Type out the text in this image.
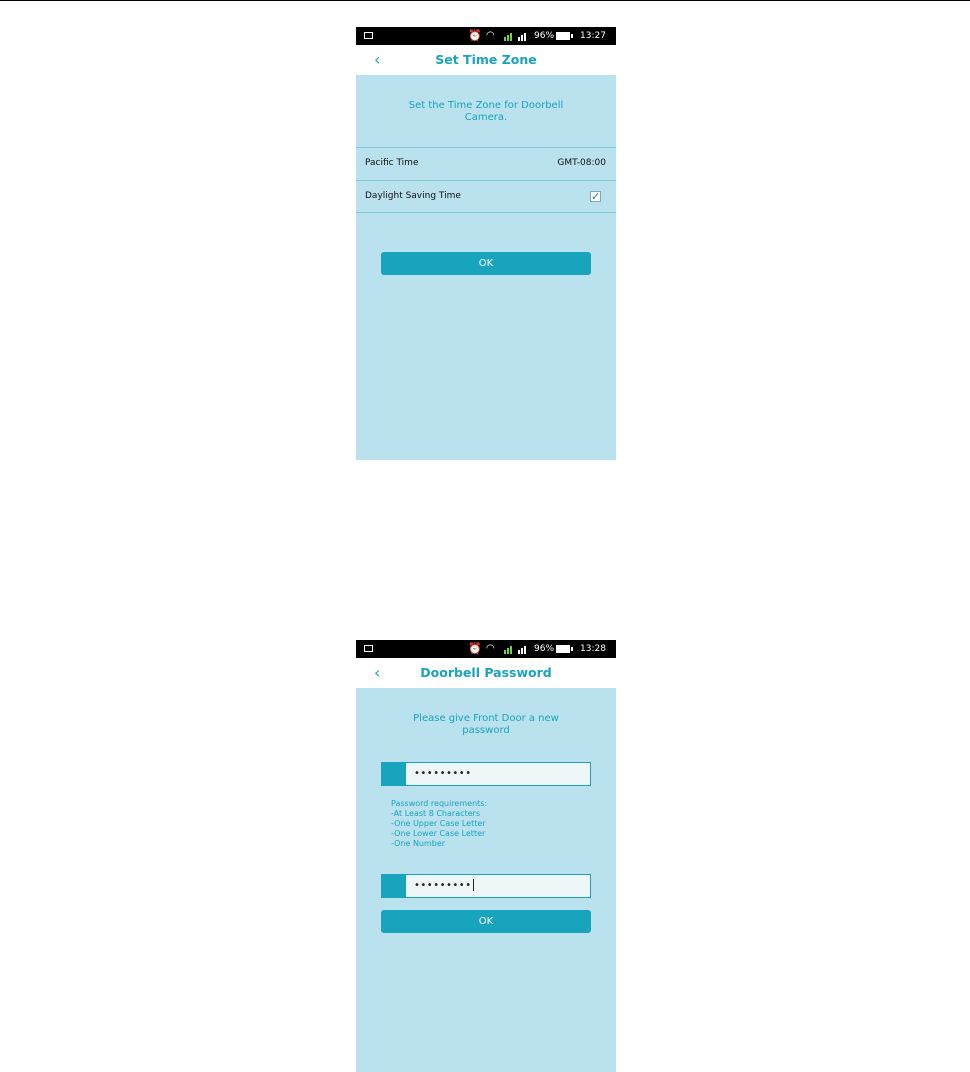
⏰ ◠	96%	13:27
‹	Set Time Zone
Set the Time Zone for Doorbell Camera.
Pacific Time	GMT-08:00
Daylight Saving Time	✓
OK
⏰ ◠	96%	13:28
‹	Doorbell Password
Please give Front Door a new password
•••••••••
Password requirements:
-At Least 8 Characters
-One Upper Case Letter
-One Lower Case Letter
-One Number
•••••••••
OK
